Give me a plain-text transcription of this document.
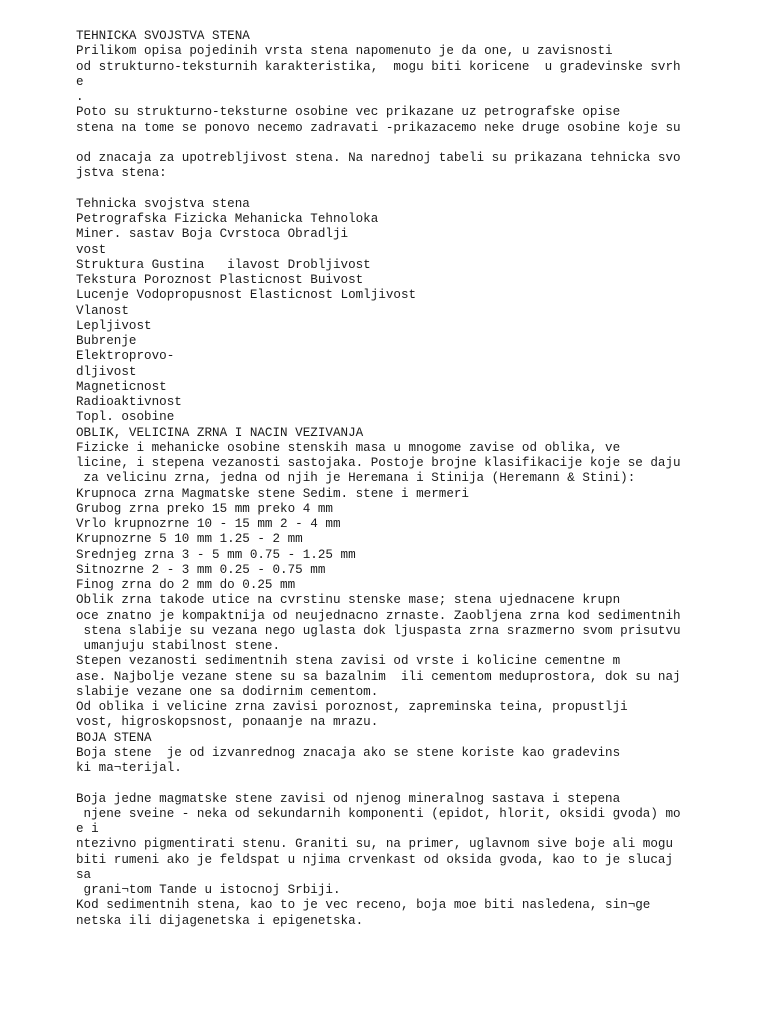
TEHNICKA SVOJSTVA STENA
Prilikom opisa pojedinih vrsta stena napomenuto je da one, u zavisnosti
od strukturno-teksturnih karakteristika,  mogu biti koricene  u gradevinske svrh
e
.
Poto su strukturno-teksturne osobine vec prikazane uz petrografske opise
stena na tome se ponovo necemo zadravati -prikazacemo neke druge osobine koje su
od znacaja za upotrebljivost stena. Na narednoj tabeli su prikazana tehnicka svo
jstva stena:
Tehnicka svojstva stena
Petrografska Fizicka Mehanicka Tehnoloka
Miner. sastav Boja Cvrstoca Obradlji
vost
Struktura Gustina   ilavost Drobljivost
Tekstura Poroznost Plasticnost Buivost
Lucenje Vodopropusnost Elasticnost Lomljivost
Vlanost
Lepljivost
Bubrenje
Elektroprovo-
dljivost
Magneticnost
Radioaktivnost
Topl. osobine
OBLIK, VELICINA ZRNA I NACIN VEZIVANJA
Fizicke i mehanicke osobine stenskih masa u mnogome zavise od oblika, ve
licine, i stepena vezanosti sastojaka. Postoje brojne klasifikacije koje se daju
za velicinu zrna, jedna od njih je Heremana i Stinija (Heremann & Stini):
Krupnoca zrna Magmatske stene Sedim. stene i mermeri
Grubog zrna preko 15 mm preko 4 mm
Vrlo krupnozrne 10 - 15 mm 2 - 4 mm
Krupnozrne 5 10 mm 1.25 - 2 mm
Srednjeg zrna 3 - 5 mm 0.75 - 1.25 mm
Sitnozrne 2 - 3 mm 0.25 - 0.75 mm
Finog zrna do 2 mm do 0.25 mm
Oblik zrna takode utice na cvrstinu stenske mase; stena ujednacene krupn
oce znatno je kompaktnija od neujednacno zrnaste. Zaobljena zrna kod sedimentnih
stena slabije su vezana nego uglasta dok ljuspasta zrna srazmerno svom prisutvu
umanjuju stabilnost stene.
Stepen vezanosti sedimentnih stena zavisi od vrste i kolicine cementne m
ase. Najbolje vezane stene su sa bazalnim  ili cementom meduprostora, dok su naj
slabije vezane one sa dodirnim cementom.
Od oblika i velicine zrna zavisi poroznost, zapreminska teina, propustlji
vost, higroskopsnost, ponaanje na mrazu.
BOJA STENA
Boja stene  je od izvanrednog znacaja ako se stene koriste kao gradevins
ki ma¬terijal.
Boja jedne magmatske stene zavisi od njenog mineralnog sastava i stepena
njene sveine - neka od sekundarnih komponenti (epidot, hlorit, oksidi gvoda) mo
e i
ntezivno pigmentirati stenu. Graniti su, na primer, uglavnom sive boje ali mogu
biti rumeni ako je feldspat u njima crvenkast od oksida gvoda, kao to je slucaj
sa
grani¬tom Tande u istocnoj Srbiji.
Kod sedimentnih stena, kao to je vec receno, boja moe biti nasledena, sin¬ge
netska ili dijagenetska i epigenetska.
